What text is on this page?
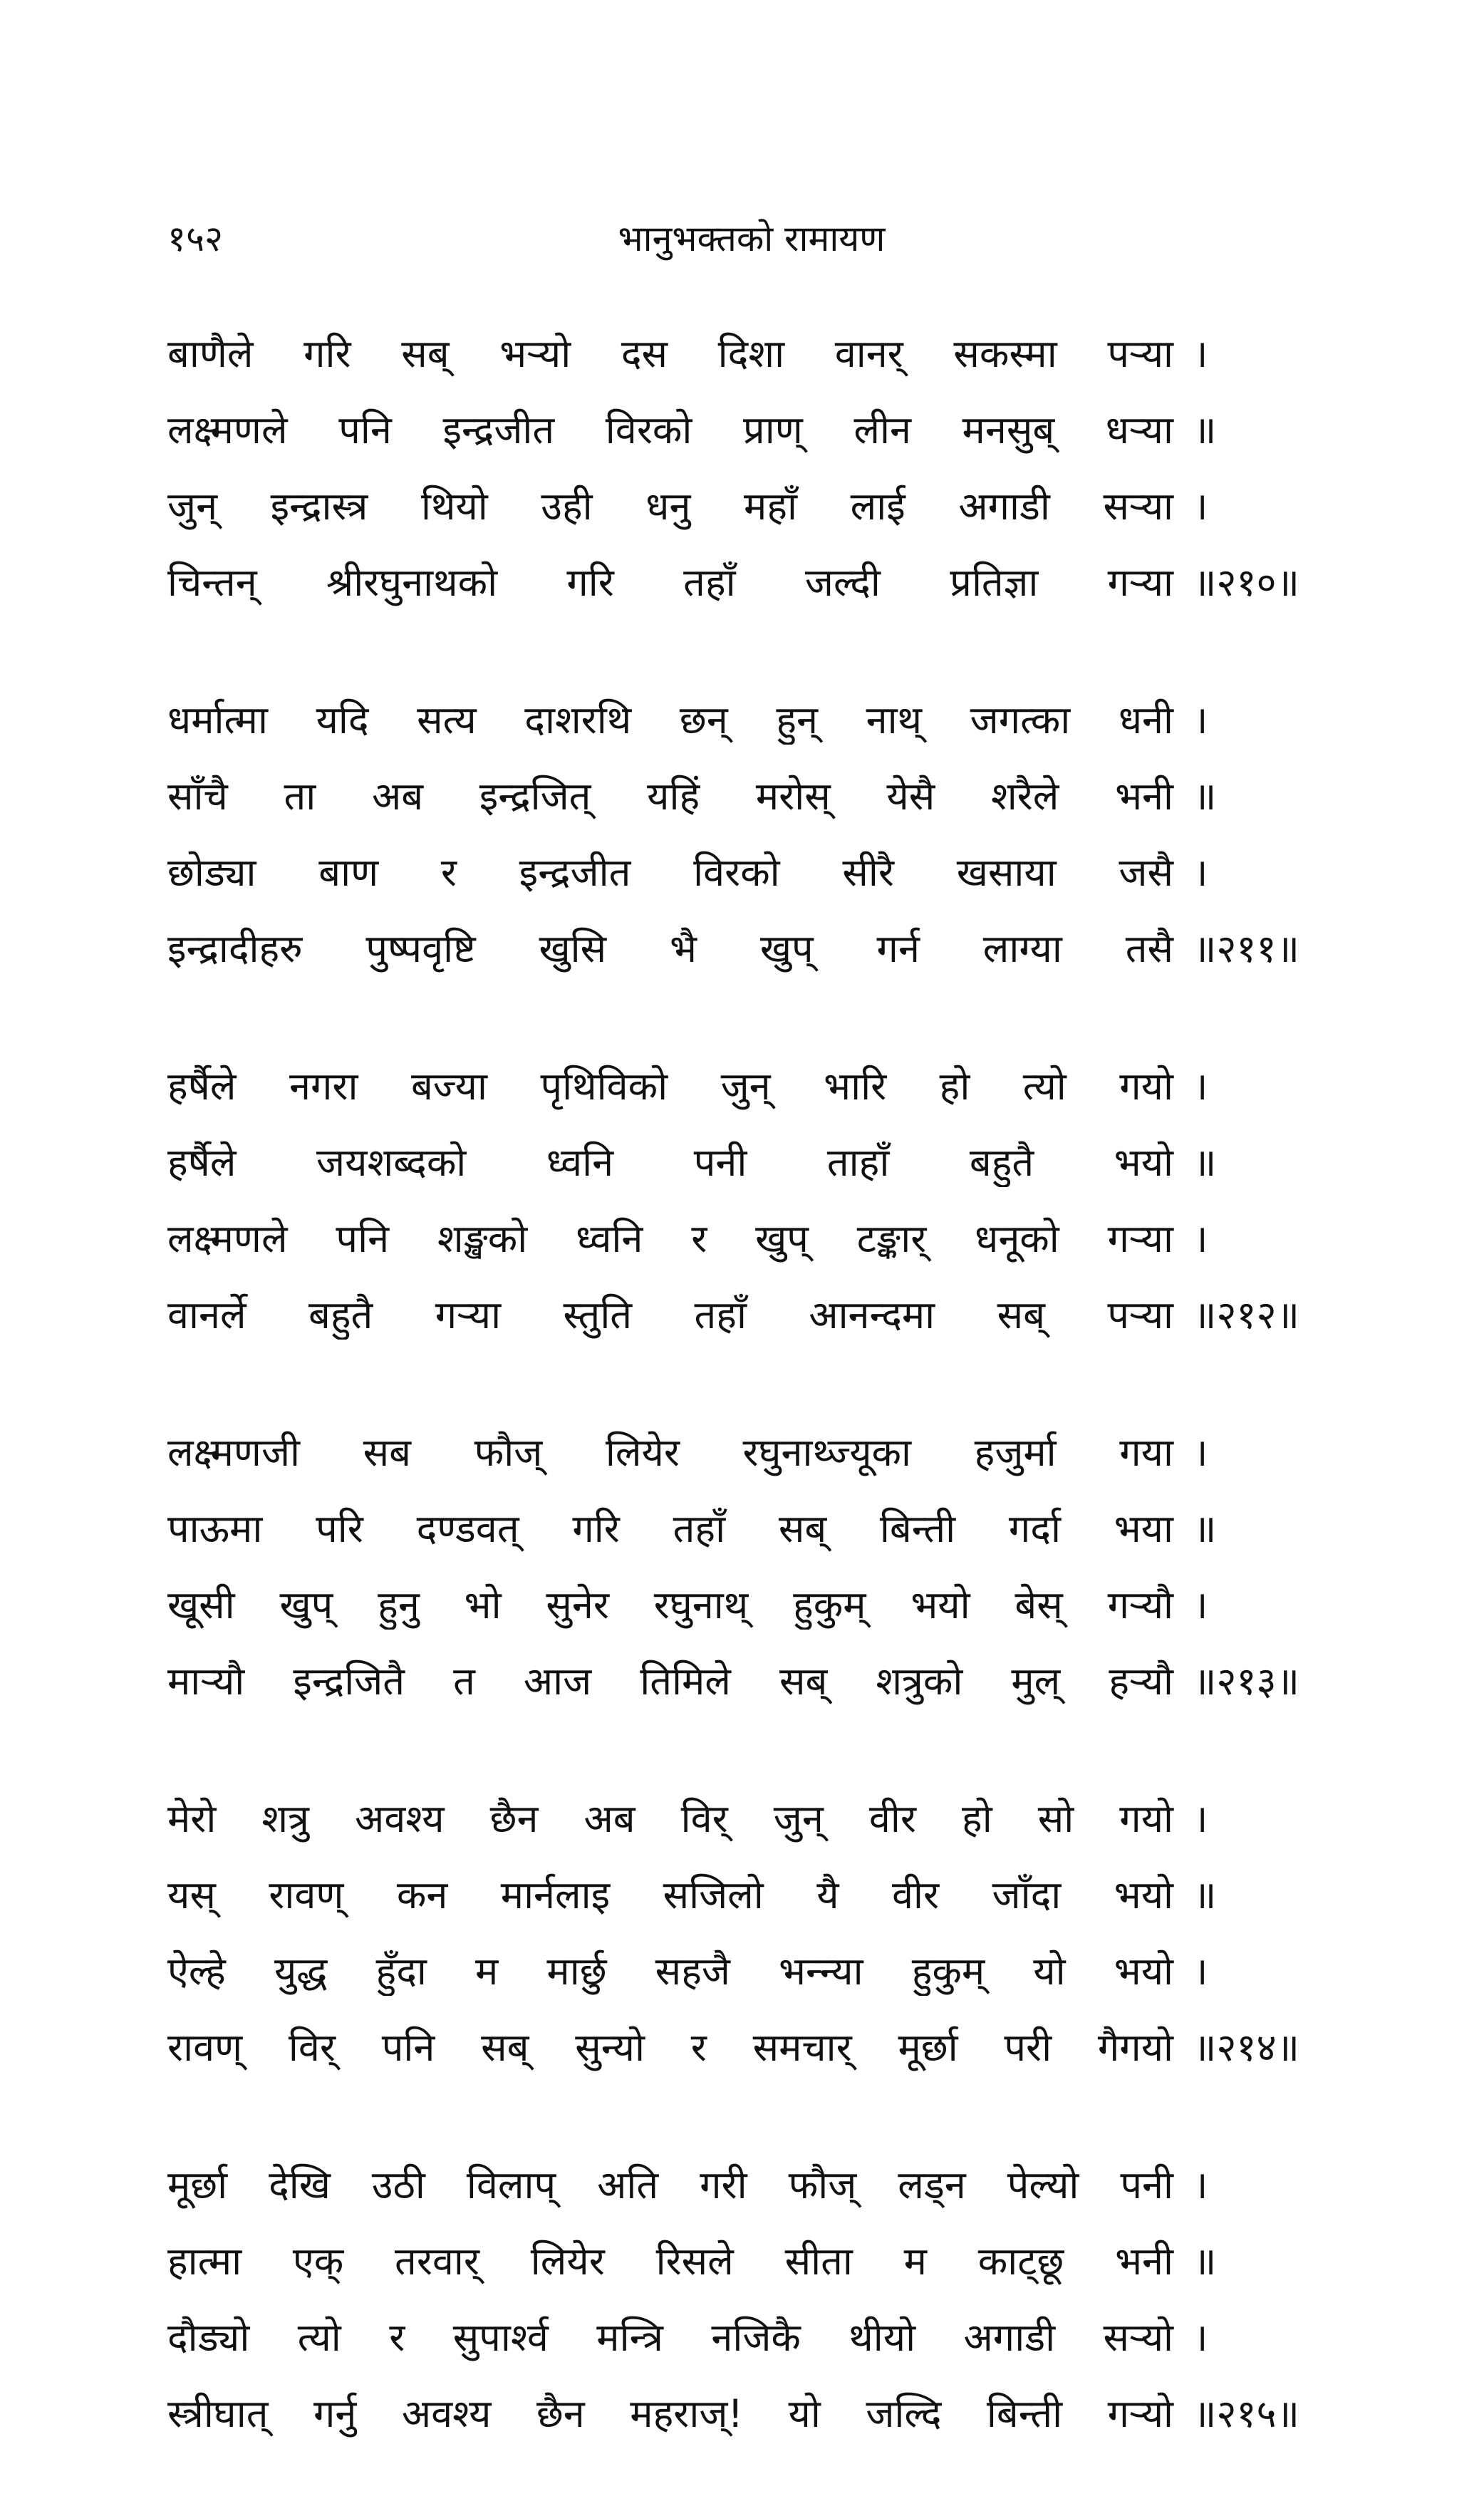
१५२	भानुभक्तको रामायण
बाणैले गरि सब् भऱ्यो दस दिशा वानर् सकस्मा पऱ्या ।
लक्ष्मणले पनि इन्द्रजीत विरको प्राण् लीन मनसुब् धऱ्या ॥
जुन् इन्द्रास्त्र थियो उही धनु महाँ लाई अगाडी सऱ्या ।
चिन्तन् श्रीरघुनाथको गरि तहाँ जल्दी प्रतिज्ञा गऱ्या ॥२१०॥
धर्मात्मा यदि सत्य दाशरथि छन् हुन् नाथ् जगत्का धनी ।
साँचै ता अब इन्द्रजित् यहिं मरोस् येसै शरैले भनी ॥
छोड्या बाण र इन्द्रजीत विरको सीरै खसाया जसै ।
इन्द्रादीहरु पुष्पवृष्टि खुसि भै खुप् गर्न लाग्या तसै ॥२११॥
हर्षैले नगरा बज्या पृथिविको जुन् भारि हो त्यो गयो ।
हर्षैले जयशब्दको ध्वनि पनी ताहाँ बहुतै भयो ॥
लक्ष्मणले पनि शङ्खको ध्वनि र खुप् टङ्कार् धनूको गऱ्या ।
वानर्ले बहुतै गऱ्या स्तुति तहाँ आनन्दमा सब् पऱ्या ॥२१२॥
लक्ष्मणजी सब फौज् लियेर रघुनाथ्ज्यूका हजुर्मा गया ।
पाऊमा परि दण्डवत् गरि तहाँ सब् बिन्ती गर्दा भया ॥
खूसी खुप् हुनु भो सुनेर रघुनाथ् हुकुम् भयो बेस् गऱ्यौ ।
माऱ्यौ इन्द्रजितै त आज तिमिले सब् शत्रुको मुल् हऱ्यौ ॥२१३॥
मेरो शत्रु अवश्य छैन अब विर् जुन् वीर हो सो गयो ।
यस् रावण् कन मार्नलाइ सजिलो यै वीर जाँदा भयो ॥
ऐल्हे युद्ध हुँदा म मार्छु सहजै भन्न्या हुकुम् यो भयो ।
रावण् विर् पनि सब् सुन्यो र समचार् मूर्छा परी गैगयो ॥२१४॥
मूर्छा देखि उठी विलाप् अति गरी फौज् लड्न पेल्यो पनी ।
हात्मा एक् तरवार् लियेर रिसले सीता म काट्छू भनी ॥
दौड्यो त्यो र सुपार्श्व मन्त्रि नजिकै थीयो अगाडी सऱ्यो ।
स्त्रीघात् गर्नु अवश्य छैन महराज्! यो जल्दि बिन्ती गऱ्यो ॥२१५॥
